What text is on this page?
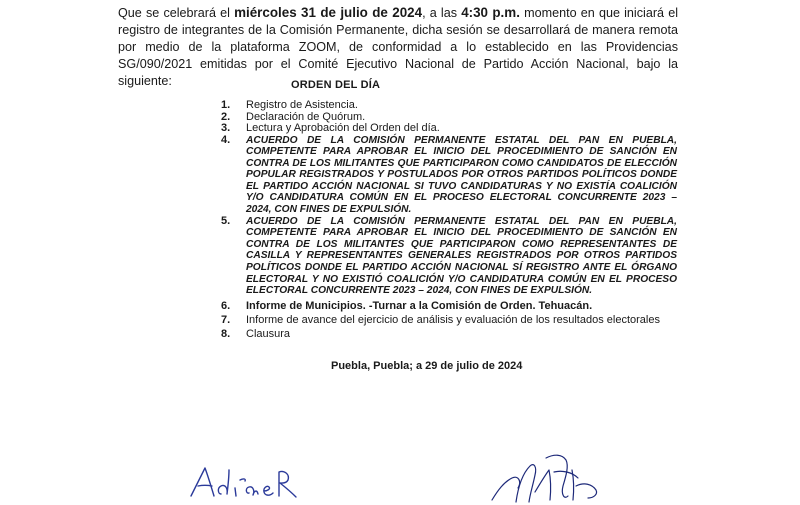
Que se celebrará el miércoles 31 de julio de 2024, a las 4:30 p.m. momento en que iniciará el registro de integrantes de la Comisión Permanente, dicha sesión se desarrollará de manera remota por medio de la plataforma ZOOM, de conformidad a lo establecido en las Providencias SG/090/2021 emitidas por el Comité Ejecutivo Nacional de Partido Acción Nacional, bajo la siguiente:	ORDEN DEL DÍA
1. Registro de Asistencia.
2. Declaración de Quórum.
3. Lectura y Aprobación del Orden del día.
4. ACUERDO DE LA COMISIÓN PERMANENTE ESTATAL DEL PAN EN PUEBLA, COMPETENTE PARA APROBAR EL INICIO DEL PROCEDIMIENTO DE SANCIÓN EN CONTRA DE LOS MILITANTES QUE PARTICIPARON COMO CANDIDATOS DE ELECCIÓN POPULAR REGISTRADOS Y POSTULADOS POR OTROS PARTIDOS POLÍTICOS DONDE EL PARTIDO ACCIÓN NACIONAL SI TUVO CANDIDATURAS Y NO EXISTÍA COALICIÓN Y/O CANDIDATURA COMÚN EN EL PROCESO ELECTORAL CONCURRENTE 2023 – 2024, CON FINES DE EXPULSIÓN.
5. ACUERDO DE LA COMISIÓN PERMANENTE ESTATAL DEL PAN EN PUEBLA, COMPETENTE PARA APROBAR EL INICIO DEL PROCEDIMIENTO DE SANCIÓN EN CONTRA DE LOS MILITANTES QUE PARTICIPARON COMO REPRESENTANTES DE CASILLA Y REPRESENTANTES GENERALES REGISTRADOS POR OTROS PARTIDOS POLÍTICOS DONDE EL PARTIDO ACCIÓN NACIONAL SÍ REGISTRO ANTE EL ÓRGANO ELECTORAL Y NO EXISTIÓ COALICIÓN Y/O CANDIDATURA COMÚN EN EL PROCESO ELECTORAL CONCURRENTE 2023 – 2024, CON FINES DE EXPULSIÓN.
6. Informe de Municipios. -Turnar a la Comisión de Orden. Tehuacán.
7. Informe de avance del ejercicio de análisis y evaluación de los resultados electorales
8. Clausura
Puebla, Puebla; a 29 de julio de 2024
